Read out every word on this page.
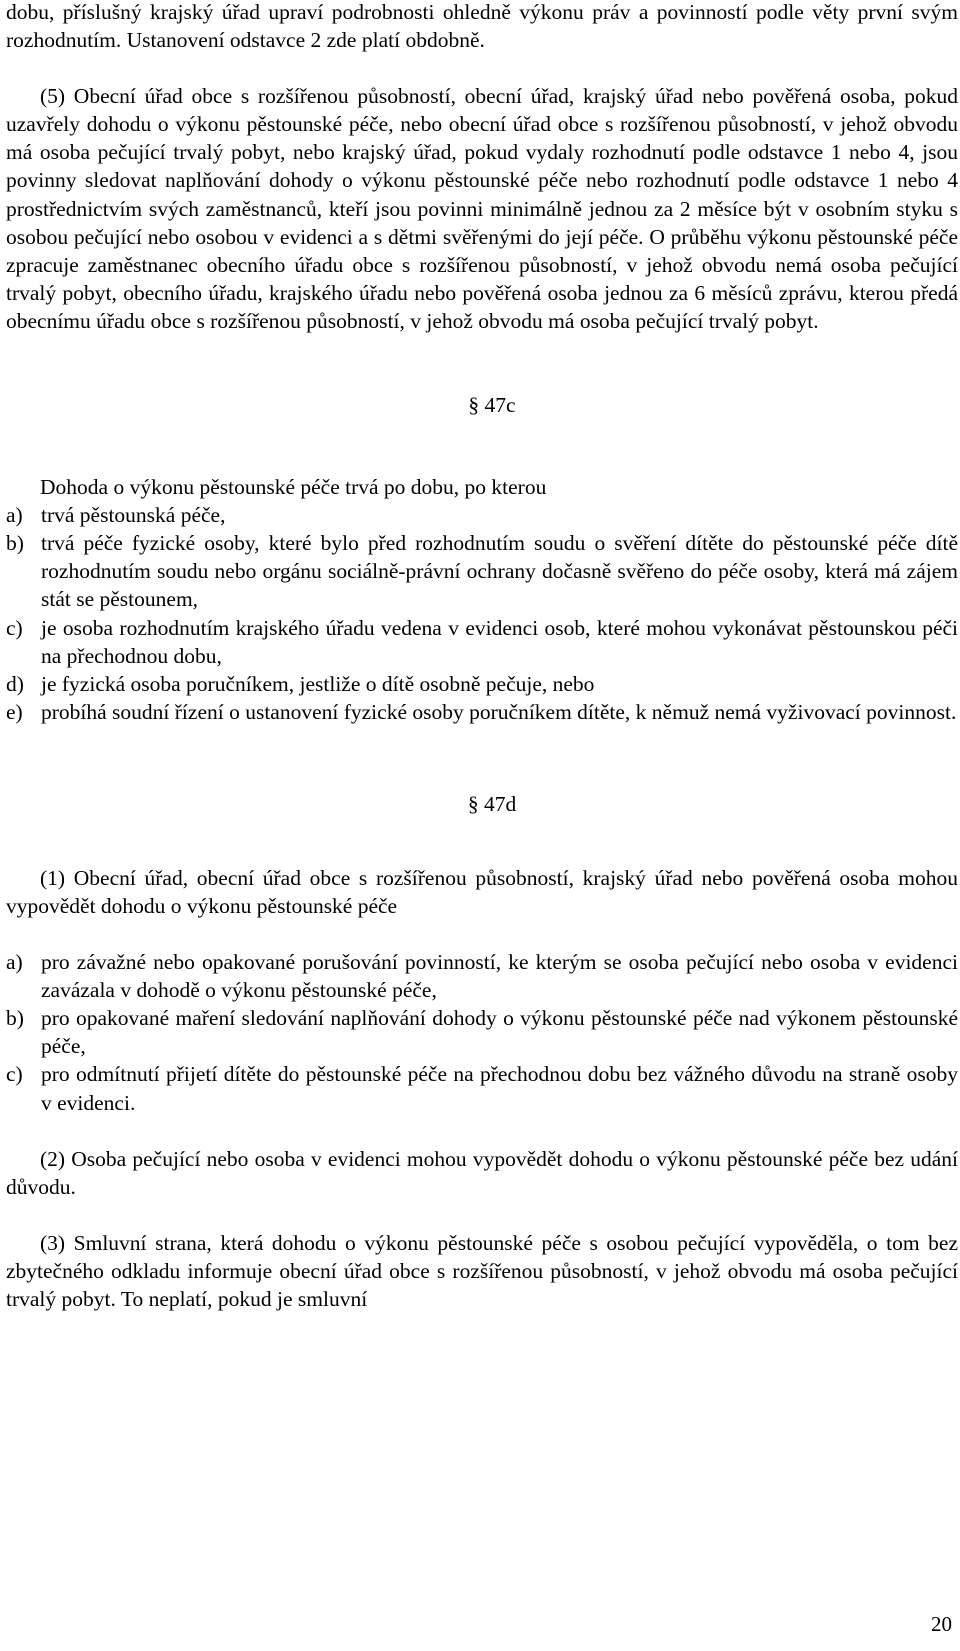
dobu, příslušný krajský úřad upraví podrobnosti ohledně výkonu práv a povinností podle věty první svým rozhodnutím. Ustanovení odstavce 2 zde platí obdobně.

(5) Obecní úřad obce s rozšířenou působností, obecní úřad, krajský úřad nebo pověřená osoba, pokud uzavřely dohodu o výkonu pěstounské péče, nebo obecní úřad obce s rozšířenou působností, v jehož obvodu má osoba pečující trvalý pobyt, nebo krajský úřad, pokud vydaly rozhodnutí podle odstavce 1 nebo 4, jsou povinny sledovat naplňování dohody o výkonu pěstounské péče nebo rozhodnutí podle odstavce 1 nebo 4 prostřednictvím svých zaměstnanců, kteří jsou povinni minimálně jednou za 2 měsíce být v osobním styku s osobou pečující nebo osobou v evidenci a s dětmi svěřenými do její péče. O průběhu výkonu pěstounské péče zpracuje zaměstnanec obecního úřadu obce s rozšířenou působností, v jehož obvodu nemá osoba pečující trvalý pobyt, obecního úřadu, krajského úřadu nebo pověřená osoba jednou za 6 měsíců zprávu, kterou předá obecnímu úřadu obce s rozšířenou působností, v jehož obvodu má osoba pečující trvalý pobyt.

§ 47c

Dohoda o výkonu pěstounské péče trvá po dobu, po kterou

a) trvá pěstounská péče,
b) trvá péče fyzické osoby, které bylo před rozhodnutím soudu o svěření dítěte do pěstounské péče dítě rozhodnutím soudu nebo orgánu sociálně-právní ochrany dočasně svěřeno do péče osoby, která má zájem stát se pěstounem,
c) je osoba rozhodnutím krajského úřadu vedena v evidenci osob, které mohou vykonávat pěstounskou péči na přechodnou dobu,
d) je fyzická osoba poručníkem, jestliže o dítě osobně pečuje, nebo
e) probíhá soudní řízení o ustanovení fyzické osoby poručníkem dítěte, k němuž nemá vyživovací povinnost.

§ 47d

(1) Obecní úřad, obecní úřad obce s rozšířenou působností, krajský úřad nebo pověřená osoba mohou vypovědět dohodu o výkonu pěstounské péče

a) pro závažné nebo opakované porušování povinností, ke kterým se osoba pečující nebo osoba v evidenci zavázala v dohodě o výkonu pěstounské péče,
b) pro opakované maření sledování naplňování dohody o výkonu pěstounské péče nad výkonem pěstounské péče,
c) pro odmítnutí přijetí dítěte do pěstounské péče na přechodnou dobu bez vážného důvodu na straně osoby v evidenci.

(2) Osoba pečující nebo osoba v evidenci mohou vypovědět dohodu o výkonu pěstounské péče bez udání důvodu.

(3) Smluvní strana, která dohodu o výkonu pěstounské péče s osobou pečující vypověděla, o tom bez zbytečného odkladu informuje obecní úřad obce s rozšířenou působností, v jehož obvodu má osoba pečující trvalý pobyt. To neplatí, pokud je smluvní

20
